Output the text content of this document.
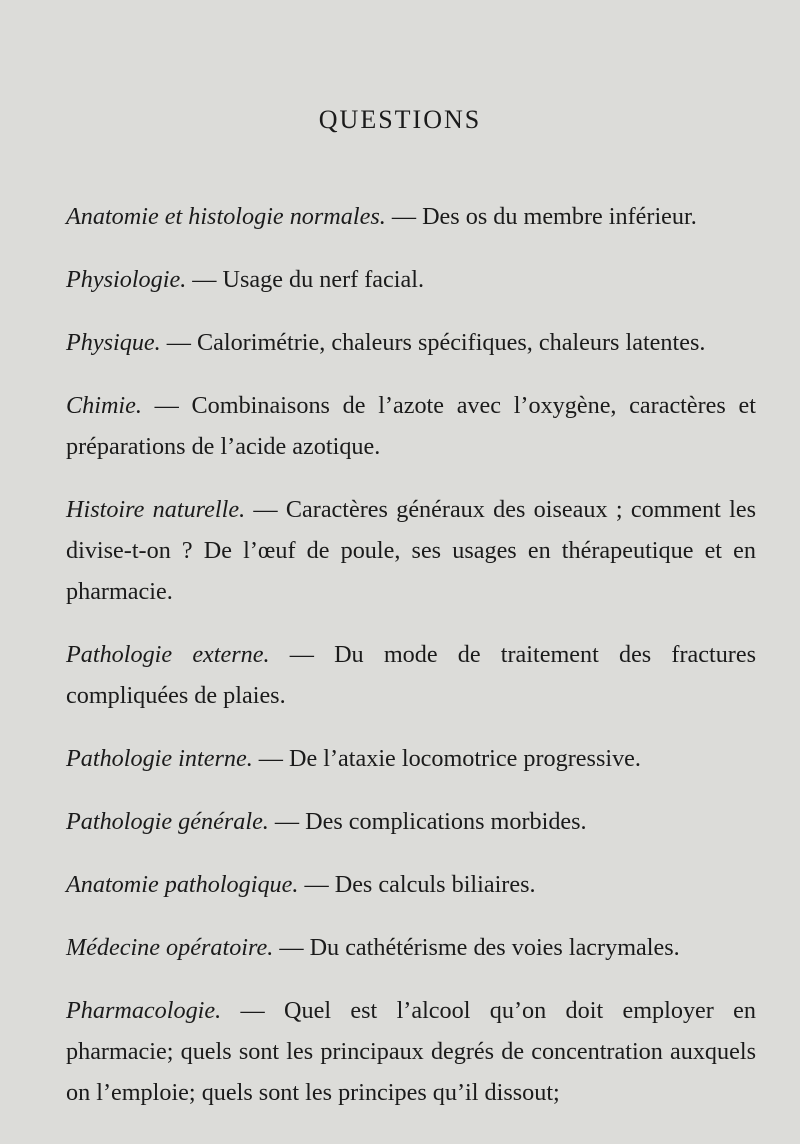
QUESTIONS

Anatomie et histologie normales. — Des os du membre inférieur.

Physiologie. — Usage du nerf facial.

Physique. — Calorimétrie, chaleurs spécifiques, chaleurs latentes.

Chimie. — Combinaisons de l’azote avec l’oxygène, caractères et préparations de l’acide azotique.

Histoire naturelle. — Caractères généraux des oiseaux ; comment les divise-t-on ? De l’œuf de poule, ses usages en thérapeutique et en pharmacie.

Pathologie externe. — Du mode de traitement des fractures compliquées de plaies.

Pathologie interne. — De l’ataxie locomotrice progressive.

Pathologie générale. — Des complications morbides.

Anatomie pathologique. — Des calculs biliaires.

Médecine opératoire. — Du cathétérisme des voies lacrymales.

Pharmacologie. — Quel est l’alcool qu’on doit employer en pharmacie; quels sont les principaux degrés de concentration auxquels on l’emploie; quels sont les principes qu’il dissout;
